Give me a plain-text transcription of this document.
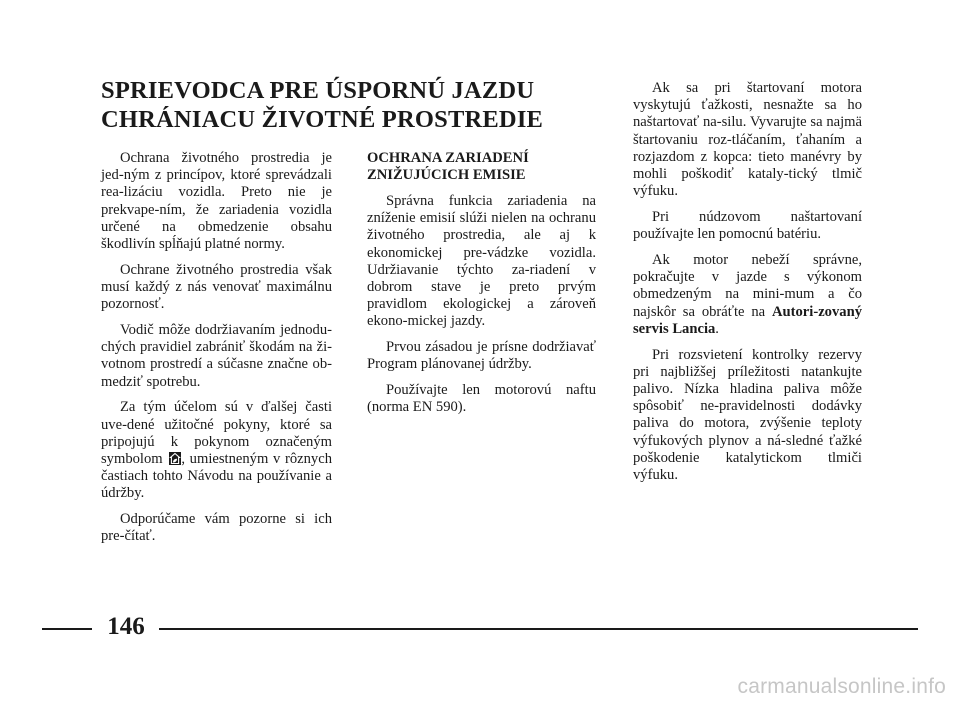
SPRIEVODCA PRE ÚSPORNÚ JAZDU
CHRÁNIACU ŽIVOTNÉ PROSTREDIE

Ochrana životného prostredia je jed-ným z princípov, ktoré sprevádzali rea-lizáciu vozidla. Preto nie je prekvape-ním, že zariadenia vozidla určené na obmedzenie obsahu škodlivín spĺňajú platné normy.

Ochrane životného prostredia však musí každý z nás venovať maximálnu pozornosť.

Vodič môže dodržiavaním jednodu-chých pravidiel zabrániť škodám na ži-votnom prostredí a súčasne značne ob-medziť spotrebu.

Za tým účelom sú v ďalšej časti uve-dené užitočné pokyny, ktoré sa pripojujú k pokynom označeným symbolom , umiestneným v rôznych častiach tohto Návodu na používanie a údržby.

Odporúčame vám pozorne si ich pre-čítať.

OCHRANA ZARIADENÍ
ZNIŽUJÚCICH EMISIE

Správna funkcia zariadenia na zníženie emisií slúži nielen na ochranu životného prostredia, ale aj k ekonomickej pre-vádzke vozidla. Udržiavanie týchto za-riadení v dobrom stave je preto prvým pravidlom ekologickej a zároveň ekono-mickej jazdy.

Prvou zásadou je prísne dodržiavať Program plánovanej údržby.

Používajte len motorovú naftu (norma EN 590).

Ak sa pri štartovaní motora vyskytujú ťažkosti, nesnažte sa ho naštartovať na-silu. Vyvarujte sa najmä štartovaniu roz-tláčaním, ťahaním a rozjazdom z kopca: tieto manévry by mohli poškodiť kataly-tický tlmič výfuku.

Pri núdzovom naštartovaní používajte len pomocnú batériu.

Ak motor nebeží správne, pokračujte v jazde s výkonom obmedzeným na mini-mum a čo najskôr sa obráťte na Autori-zovaný servis Lancia.

Pri rozsvietení kontrolky rezervy pri najbližšej príležitosti natankujte palivo. Nízka hladina paliva môže spôsobiť ne-pravidelnosti dodávky paliva do motora, zvýšenie teploty výfukových plynov a ná-sledné ťažké poškodenie katalytickom tlmiči výfuku.

146
carmanualsonline.info
